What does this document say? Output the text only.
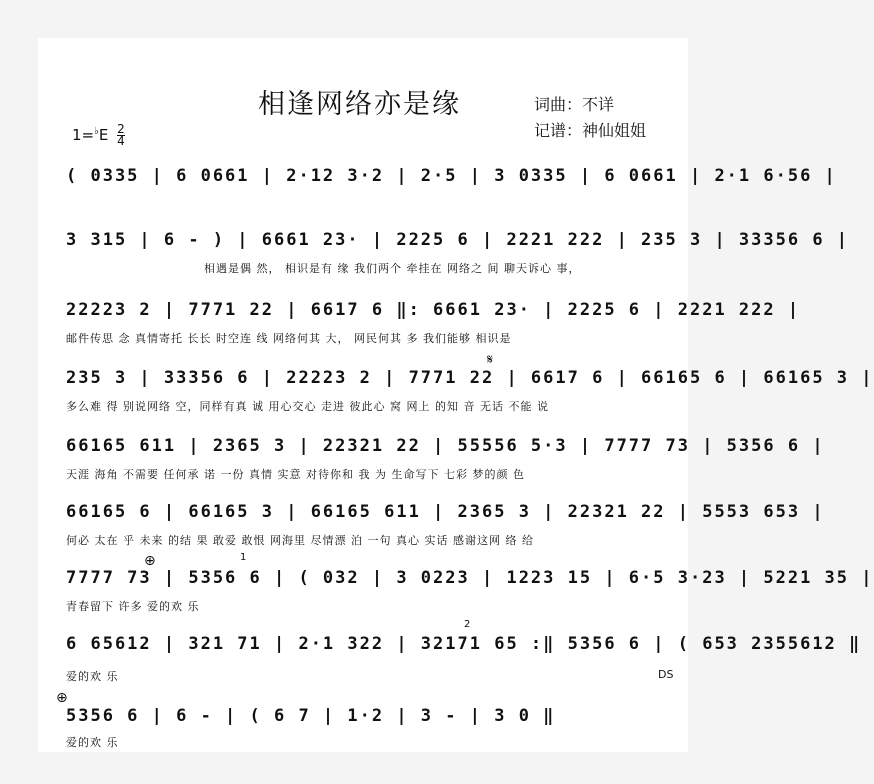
相逢网络亦是缘	词曲：不详
记谱：神仙姐姐
$1=^♭E \frac{2}{4}$
( 0335 | 6 0661 | 2·12 3·2 | 2·5 | 3 0335 | 6 0661 | 2·1 6·56 |
3 315 | 6 - ) | 6661 23· | 2225 6 | 2221 222 | 235 3 | 33356 6 |
相遇是偶 然， 相识是有 缘 我们两个 牵挂在 网络之 间 聊天诉心 事，
22223 2 | 7771 22 | 6617 6 ‖: 6661 23· | 2225 6 | 2221 222 |
邮件传思 念 真情寄托 长长 时空连 线 网络何其 大， 网民何其 多 我们能够 相识是
235 3 | 33356 6 | 22223 2 | 7771 22 | 6617 6 | 66165 6 | 66165 3 |
多么难 得 别说网络 空，同样有真 诚 用心交心 走进 彼此心 窝 网上 的知 音 无话 不能 说
66165 611 | 2365 3 | 22321 22 | 55556 5·3 | 7777 73 | 5356 6 |
天涯 海角 不需要 任何承 诺 一份 真情 实意 对待你和 我 为 生命写下 七彩 梦的颜 色
66165 6 | 66165 3 | 66165 611 | 2365 3 | 22321 22 | 5553 653 |
何必 太在 乎 未来 的结 果 敢爱 敢恨 网海里 尽情漂 泊 一句 真心 实话 感谢这网 络 给
7777 73 | 5356 6 | ( 032 | 3 0223 | 1223 15 | 6·5 3·23 | 5221 35 |
青春留下 许多 爱的欢 乐
6 65612 | 321 71 | 2·1 322 | 32171 65 :‖ 5356 6 | ( 653 2355612 ‖
爱的欢 乐
5356 6 | 6 - | ( 6 7 | 1·2 | 3 - | 3 0 ‖
爱的欢 乐
𝄋
⊕
⊕
1
2
DS
